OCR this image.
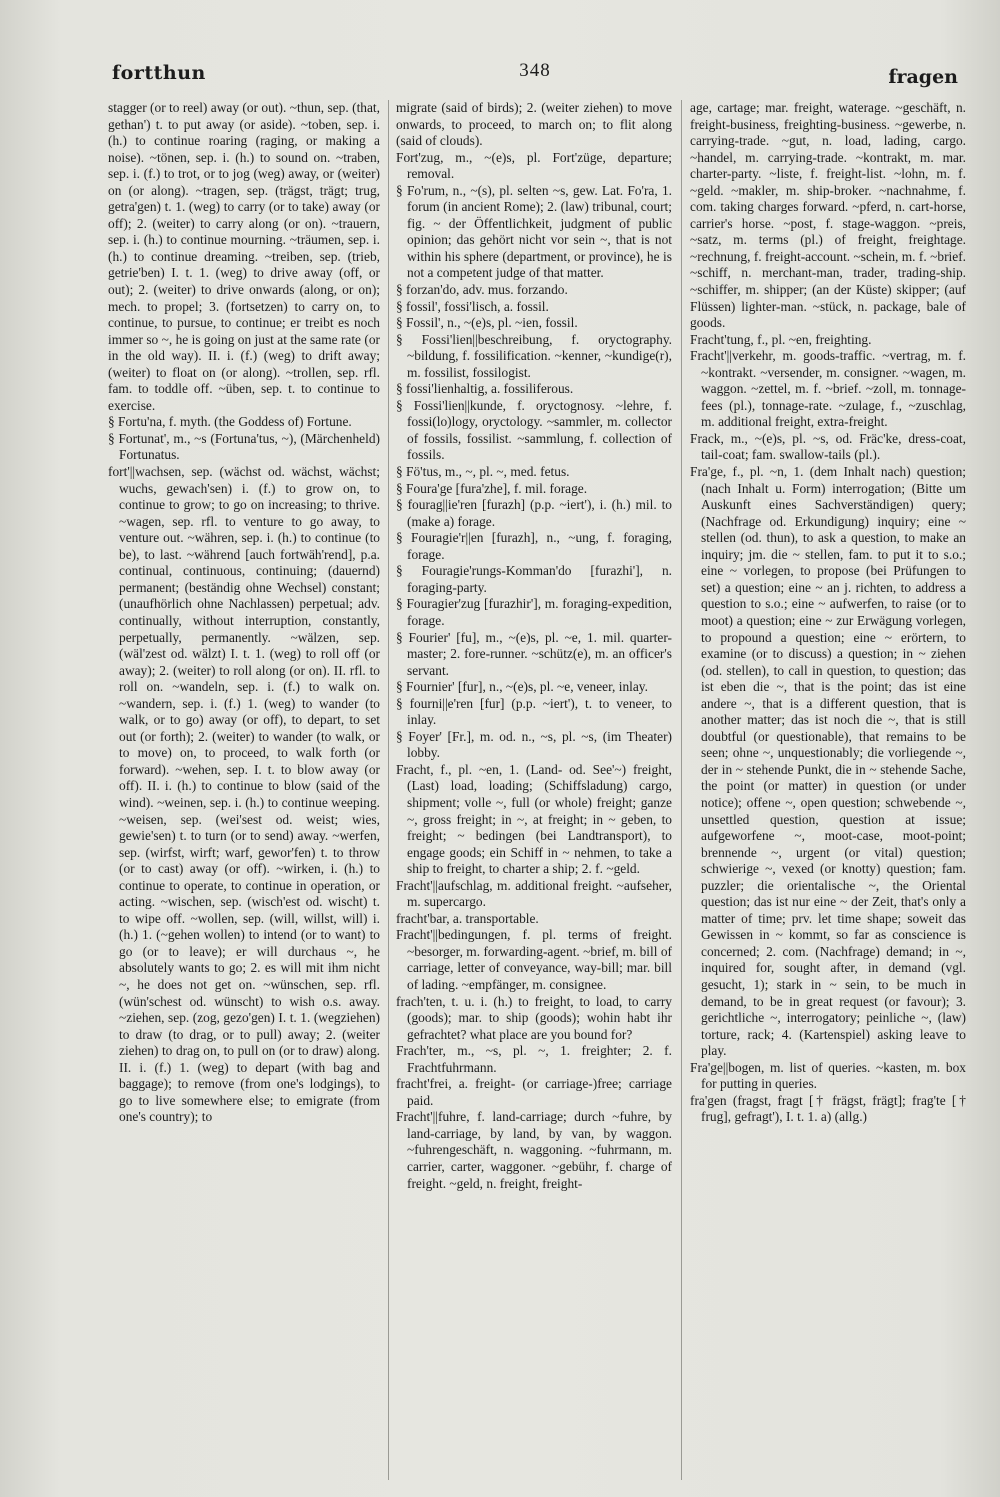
fortthun	348	fragen

stagger (or to reel) away (or out). ~thun, sep. (that, gethan') t. to put away (or aside). ~toben, sep. i. (h.) to continue roaring (raging, or making a noise). ~tönen, sep. i. (h.) to sound on. ~traben, sep. i. (f.) to trot, or to jog (weg) away, or (weiter) on (or along). ~tragen, sep. (trägst, trägt; trug, getra'gen) t. 1. (weg) to carry (or to take) away (or off); 2. (weiter) to carry along (or on). ~trauern, sep. i. (h.) to continue mourning. ~träumen, sep. i. (h.) to continue dreaming. ~treiben, sep. (trieb, getrie'ben) I. t. 1. (weg) to drive away (off, or out); 2. (weiter) to drive onwards (along, or on); mech. to propel; 3. (fortsetzen) to carry on, to continue, to pursue, to continue; er treibt es noch immer so ~, he is going on just at the same rate (or in the old way). II. i. (f.) (weg) to drift away; (weiter) to float on (or along). ~trollen, sep. rfl. fam. to toddle off. ~üben, sep. t. to continue to exercise.

§ Fortu'na, f. myth. (the Goddess of) Fortune.

§ Fortunat', m., ~s (Fortuna'tus, ~), (Märchenheld) Fortunatus.

fort'||wachsen, sep. (wächst od. wächst, wächst; wuchs, gewach'sen) i. (f.) to grow on, to continue to grow; to go on increasing; to thrive. ~wagen, sep. rfl. to venture to go away, to venture out. ~währen, sep. i. (h.) to continue (to be), to last. ~während [auch fortwäh'rend], p.a. continual, continuous, continuing; (dauernd) permanent; (beständig ohne Wechsel) constant; (unaufhörlich ohne Nachlassen) perpetual; adv. continually, without interruption, constantly, perpetually, permanently. ~wälzen, sep. (wäl'zest od. wälzt) I. t. 1. (weg) to roll off (or away); 2. (weiter) to roll along (or on). II. rfl. to roll on. ~wandeln, sep. i. (f.) to walk on. ~wandern, sep. i. (f.) 1. (weg) to wander (to walk, or to go) away (or off), to depart, to set out (or forth); 2. (weiter) to wander (to walk, or to move) on, to proceed, to walk forth (or forward). ~wehen, sep. I. t. to blow away (or off). II. i. (h.) to continue to blow (said of the wind). ~weinen, sep. i. (h.) to continue weeping. ~weisen, sep. (wei'sest od. weist; wies, gewie'sen) t. to turn (or to send) away. ~werfen, sep. (wirfst, wirft; warf, gewor'fen) t. to throw (or to cast) away (or off). ~wirken, i. (h.) to continue to operate, to continue in operation, or acting. ~wischen, sep. (wisch'est od. wischt) t. to wipe off. ~wollen, sep. (will, willst, will) i. (h.) 1. (~gehen wollen) to intend (or to want) to go (or to leave); er will durchaus ~, he absolutely wants to go; 2. es will mit ihm nicht ~, he does not get on. ~wünschen, sep. rfl. (wün'schest od. wünscht) to wish o.s. away. ~ziehen, sep. (zog, gezo'gen) I. t. 1. (wegziehen) to draw (to drag, or to pull) away; 2. (weiter ziehen) to drag on, to pull on (or to draw) along. II. i. (f.) 1. (weg) to depart (with bag and baggage); to remove (from one's lodgings), to go to live somewhere else; to emigrate (from one's country); to

migrate (said of birds); 2. (weiter ziehen) to move onwards, to proceed, to march on; to flit along (said of clouds).

Fort'zug, m., ~(e)s, pl. Fort'züge, departure; removal.

§ Fo'rum, n., ~(s), pl. selten ~s, gew. Lat. Fo'ra, 1. forum (in ancient Rome); 2. (law) tribunal, court; fig. ~ der Öffentlichkeit, judgment of public opinion; das gehört nicht vor sein ~, that is not within his sphere (department, or province), he is not a competent judge of that matter.

§ forzan'do, adv. mus. forzando.

§ fossil', fossi'lisch, a. fossil.

§ Fossil', n., ~(e)s, pl. ~ien, fossil.

§ Fossi'lien||beschreibung, f. oryctography. ~bildung, f. fossilification. ~kenner, ~kundige(r), m. fossilist, fossilogist.

§ fossi'lienhaltig, a. fossiliferous.

§ Fossi'lien||kunde, f. oryctognosy. ~lehre, f. fossi(lo)logy, oryctology. ~sammler, m. collector of fossils, fossilist. ~sammlung, f. collection of fossils.

§ Fö'tus, m., ~, pl. ~, med. fetus.

§ Foura'ge [fura'zhe], f. mil. forage.

§ fourag||ie'ren [furazh] (p.p. ~iert'), i. (h.) mil. to (make a) forage.

§ Fouragie'r||en [furazh], n., ~ung, f. foraging, forage.

§ Fouragie'rungs-Komman'do [furazhi'], n. foraging-party.

§ Fouragier'zug [furazhir'], m. foraging-expedition, forage.

§ Fourier' [fu], m., ~(e)s, pl. ~e, 1. mil. quarter-master; 2. fore-runner. ~schütz(e), m. an officer's servant.

§ Fournier' [fur], n., ~(e)s, pl. ~e, veneer, inlay.

§ fourni||e'ren [fur] (p.p. ~iert'), t. to veneer, to inlay.

§ Foyer' [Fr.], m. od. n., ~s, pl. ~s, (im Theater) lobby.

Fracht, f., pl. ~en, 1. (Land- od. See'~) freight, (Last) load, loading; (Schiffsladung) cargo, shipment; volle ~, full (or whole) freight; ganze ~, gross freight; in ~, at freight; in ~ geben, to freight; ~ bedingen (bei Landtransport), to engage goods; ein Schiff in ~ nehmen, to take a ship to freight, to charter a ship; 2. f. ~geld.

Fracht'||aufschlag, m. additional freight. ~aufseher, m. supercargo.

fracht'bar, a. transportable.

Fracht'||bedingungen, f. pl. terms of freight. ~besorger, m. forwarding-agent. ~brief, m. bill of carriage, letter of conveyance, way-bill; mar. bill of lading. ~empfänger, m. consignee.

frach'ten, t. u. i. (h.) to freight, to load, to carry (goods); mar. to ship (goods); wohin habt ihr gefrachtet? what place are you bound for?

Frach'ter, m., ~s, pl. ~, 1. freighter; 2. f. Frachtfuhrmann.

fracht'frei, a. freight- (or carriage-)free; carriage paid.

Fracht'||fuhre, f. land-carriage; durch ~fuhre, by land-carriage, by land, by van, by waggon. ~fuhrengeschäft, n. waggoning. ~fuhrmann, m. carrier, carter, waggoner. ~gebühr, f. charge of freight. ~geld, n. freight, freight-

age, cartage; mar. freight, waterage. ~geschäft, n. freight-business, freighting-business. ~gewerbe, n. carrying-trade. ~gut, n. load, lading, cargo. ~handel, m. carrying-trade. ~kontrakt, m. mar. charter-party. ~liste, f. freight-list. ~lohn, m. f. ~geld. ~makler, m. ship-broker. ~nachnahme, f. com. taking charges forward. ~pferd, n. cart-horse, carrier's horse. ~post, f. stage-waggon. ~preis, ~satz, m. terms (pl.) of freight, freightage. ~rechnung, f. freight-account. ~schein, m. f. ~brief. ~schiff, n. merchant-man, trader, trading-ship. ~schiffer, m. shipper; (an der Küste) skipper; (auf Flüssen) lighter-man. ~stück, n. package, bale of goods.

Fracht'tung, f., pl. ~en, freighting.

Fracht'||verkehr, m. goods-traffic. ~vertrag, m. f. ~kontrakt. ~versender, m. consigner. ~wagen, m. waggon. ~zettel, m. f. ~brief. ~zoll, m. tonnage-fees (pl.), tonnage-rate. ~zulage, f., ~zuschlag, m. additional freight, extra-freight.

Frack, m., ~(e)s, pl. ~s, od. Fräc'ke, dress-coat, tail-coat; fam. swallow-tails (pl.).

Fra'ge, f., pl. ~n, 1. (dem Inhalt nach) question; (nach Inhalt u. Form) interrogation; (Bitte um Auskunft eines Sachverständigen) query; (Nachfrage od. Erkundigung) inquiry; eine ~ stellen (od. thun), to ask a question, to make an inquiry; jm. die ~ stellen, fam. to put it to s.o.; eine ~ vorlegen, to propose (bei Prüfungen to set) a question; eine ~ an j. richten, to address a question to s.o.; eine ~ aufwerfen, to raise (or to moot) a question; eine ~ zur Erwägung vorlegen, to propound a question; eine ~ erörtern, to examine (or to discuss) a question; in ~ ziehen (od. stellen), to call in question, to question; das ist eben die ~, that is the point; das ist eine andere ~, that is a different question, that is another matter; das ist noch die ~, that is still doubtful (or questionable), that remains to be seen; ohne ~, unquestionably; die vorliegende ~, der in ~ stehende Punkt, die in ~ stehende Sache, the point (or matter) in question (or under notice); offene ~, open question; schwebende ~, unsettled question, question at issue; aufgeworfene ~, moot-case, moot-point; brennende ~, urgent (or vital) question; schwierige ~, vexed (or knotty) question; fam. puzzler; die orientalische ~, the Oriental question; das ist nur eine ~ der Zeit, that's only a matter of time; prv. let time shape; soweit das Gewissen in ~ kommt, so far as conscience is concerned; 2. com. (Nachfrage) demand; in ~, inquired for, sought after, in demand (vgl. gesucht, 1); stark in ~ sein, to be much in demand, to be in great request (or favour); 3. gerichtliche ~, interrogatory; peinliche ~, (law) torture, rack; 4. (Kartenspiel) asking leave to play.

Fra'ge||bogen, m. list of queries. ~kasten, m. box for putting in queries.

fra'gen (fragst, fragt [† frägst, frägt]; frag'te [† frug], gefragt'), I. t. 1. a) (allg.)
